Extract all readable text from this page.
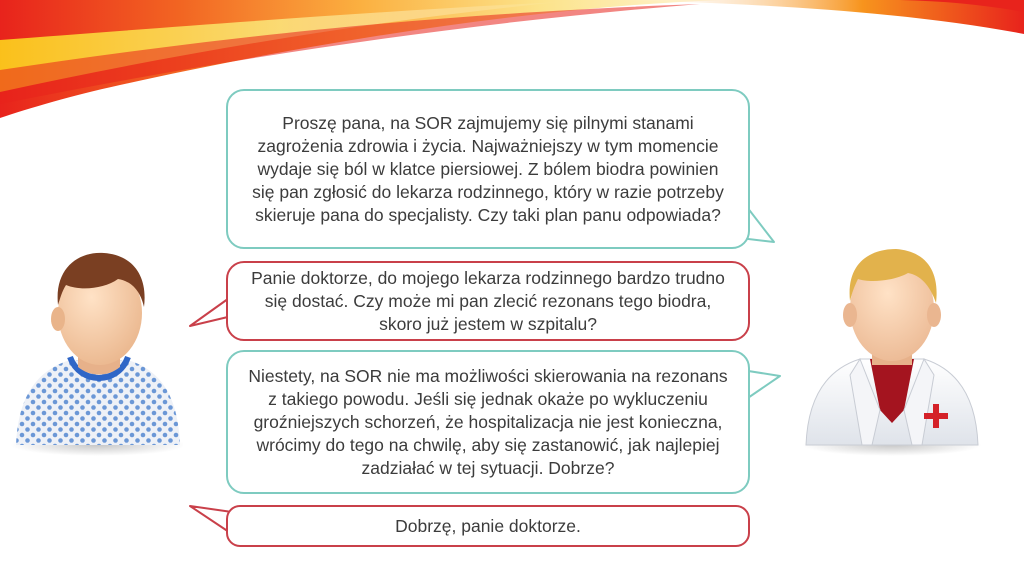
Proszę pana, na SOR zajmujemy się pilnymi stanami zagrożenia zdrowia i życia. Najważniejszy w tym momencie wydaje się ból w klatce piersiowej. Z bólem biodra powinien się pan zgłosić do lekarza rodzinnego, który w razie potrzeby skieruje pana do specjalisty. Czy taki plan panu odpowiada?
Panie doktorze, do mojego lekarza rodzinnego bardzo trudno się dostać. Czy może mi pan zlecić rezonans tego biodra, skoro już jestem w szpitalu?
Niestety, na SOR nie ma możliwości skierowania na rezonans z takiego powodu. Jeśli się jednak okaże po wykluczeniu groźniejszych schorzeń, że hospitalizacja nie jest konieczna, wrócimy do tego na chwilę, aby się zastanowić, jak najlepiej zadziałać w tej sytuacji. Dobrze?
Dobrzę, panie doktorze.
